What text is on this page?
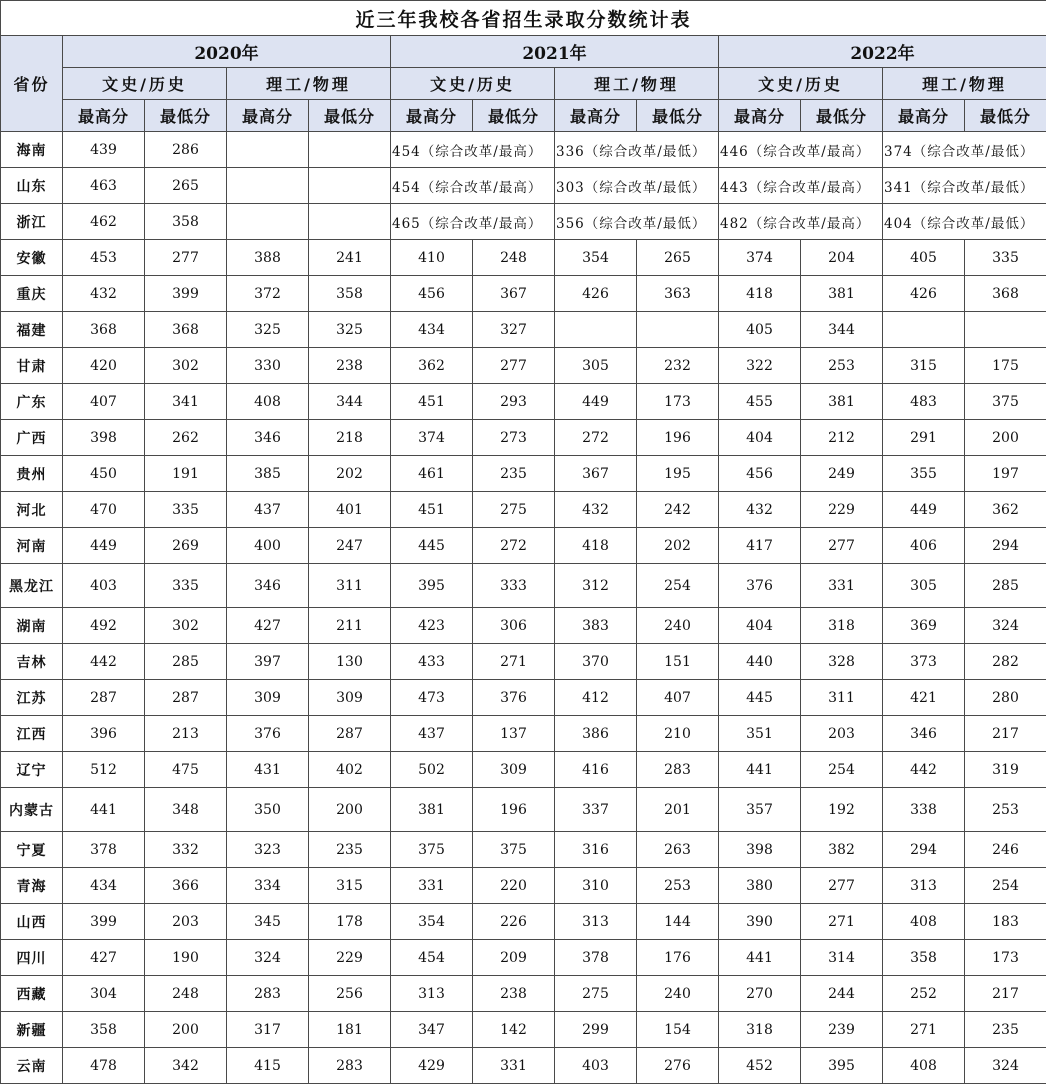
近三年我校各省招生录取分数统计表												
省份	2020年				2021年				2022年			
	文史/历史		理工/物理		文史/历史		理工/物理		文史/历史		理工/物理	
	最高分	最低分	最高分	最低分	最高分	最低分	最高分	最低分	最高分	最低分	最高分	最低分
海南	439	286			454（综合改革/最高）		336（综合改革/最低）		446（综合改革/最高）		374（综合改革/最低）	
山东	463	265			454（综合改革/最高）		303（综合改革/最低）		443（综合改革/最高）		341（综合改革/最低）	
浙江	462	358			465（综合改革/最高）		356（综合改革/最低）		482（综合改革/最高）		404（综合改革/最低）	
安徽	453	277	388	241	410	248	354	265	374	204	405	335
重庆	432	399	372	358	456	367	426	363	418	381	426	368
福建	368	368	325	325	434	327			405	344		
甘肃	420	302	330	238	362	277	305	232	322	253	315	175
广东	407	341	408	344	451	293	449	173	455	381	483	375
广西	398	262	346	218	374	273	272	196	404	212	291	200
贵州	450	191	385	202	461	235	367	195	456	249	355	197
河北	470	335	437	401	451	275	432	242	432	229	449	362
河南	449	269	400	247	445	272	418	202	417	277	406	294
黑龙江	403	335	346	311	395	333	312	254	376	331	305	285
湖南	492	302	427	211	423	306	383	240	404	318	369	324
吉林	442	285	397	130	433	271	370	151	440	328	373	282
江苏	287	287	309	309	473	376	412	407	445	311	421	280
江西	396	213	376	287	437	137	386	210	351	203	346	217
辽宁	512	475	431	402	502	309	416	283	441	254	442	319
内蒙古	441	348	350	200	381	196	337	201	357	192	338	253
宁夏	378	332	323	235	375	375	316	263	398	382	294	246
青海	434	366	334	315	331	220	310	253	380	277	313	254
山西	399	203	345	178	354	226	313	144	390	271	408	183
四川	427	190	324	229	454	209	378	176	441	314	358	173
西藏	304	248	283	256	313	238	275	240	270	244	252	217
新疆	358	200	317	181	347	142	299	154	318	239	271	235
云南	478	342	415	283	429	331	403	276	452	395	408	324
